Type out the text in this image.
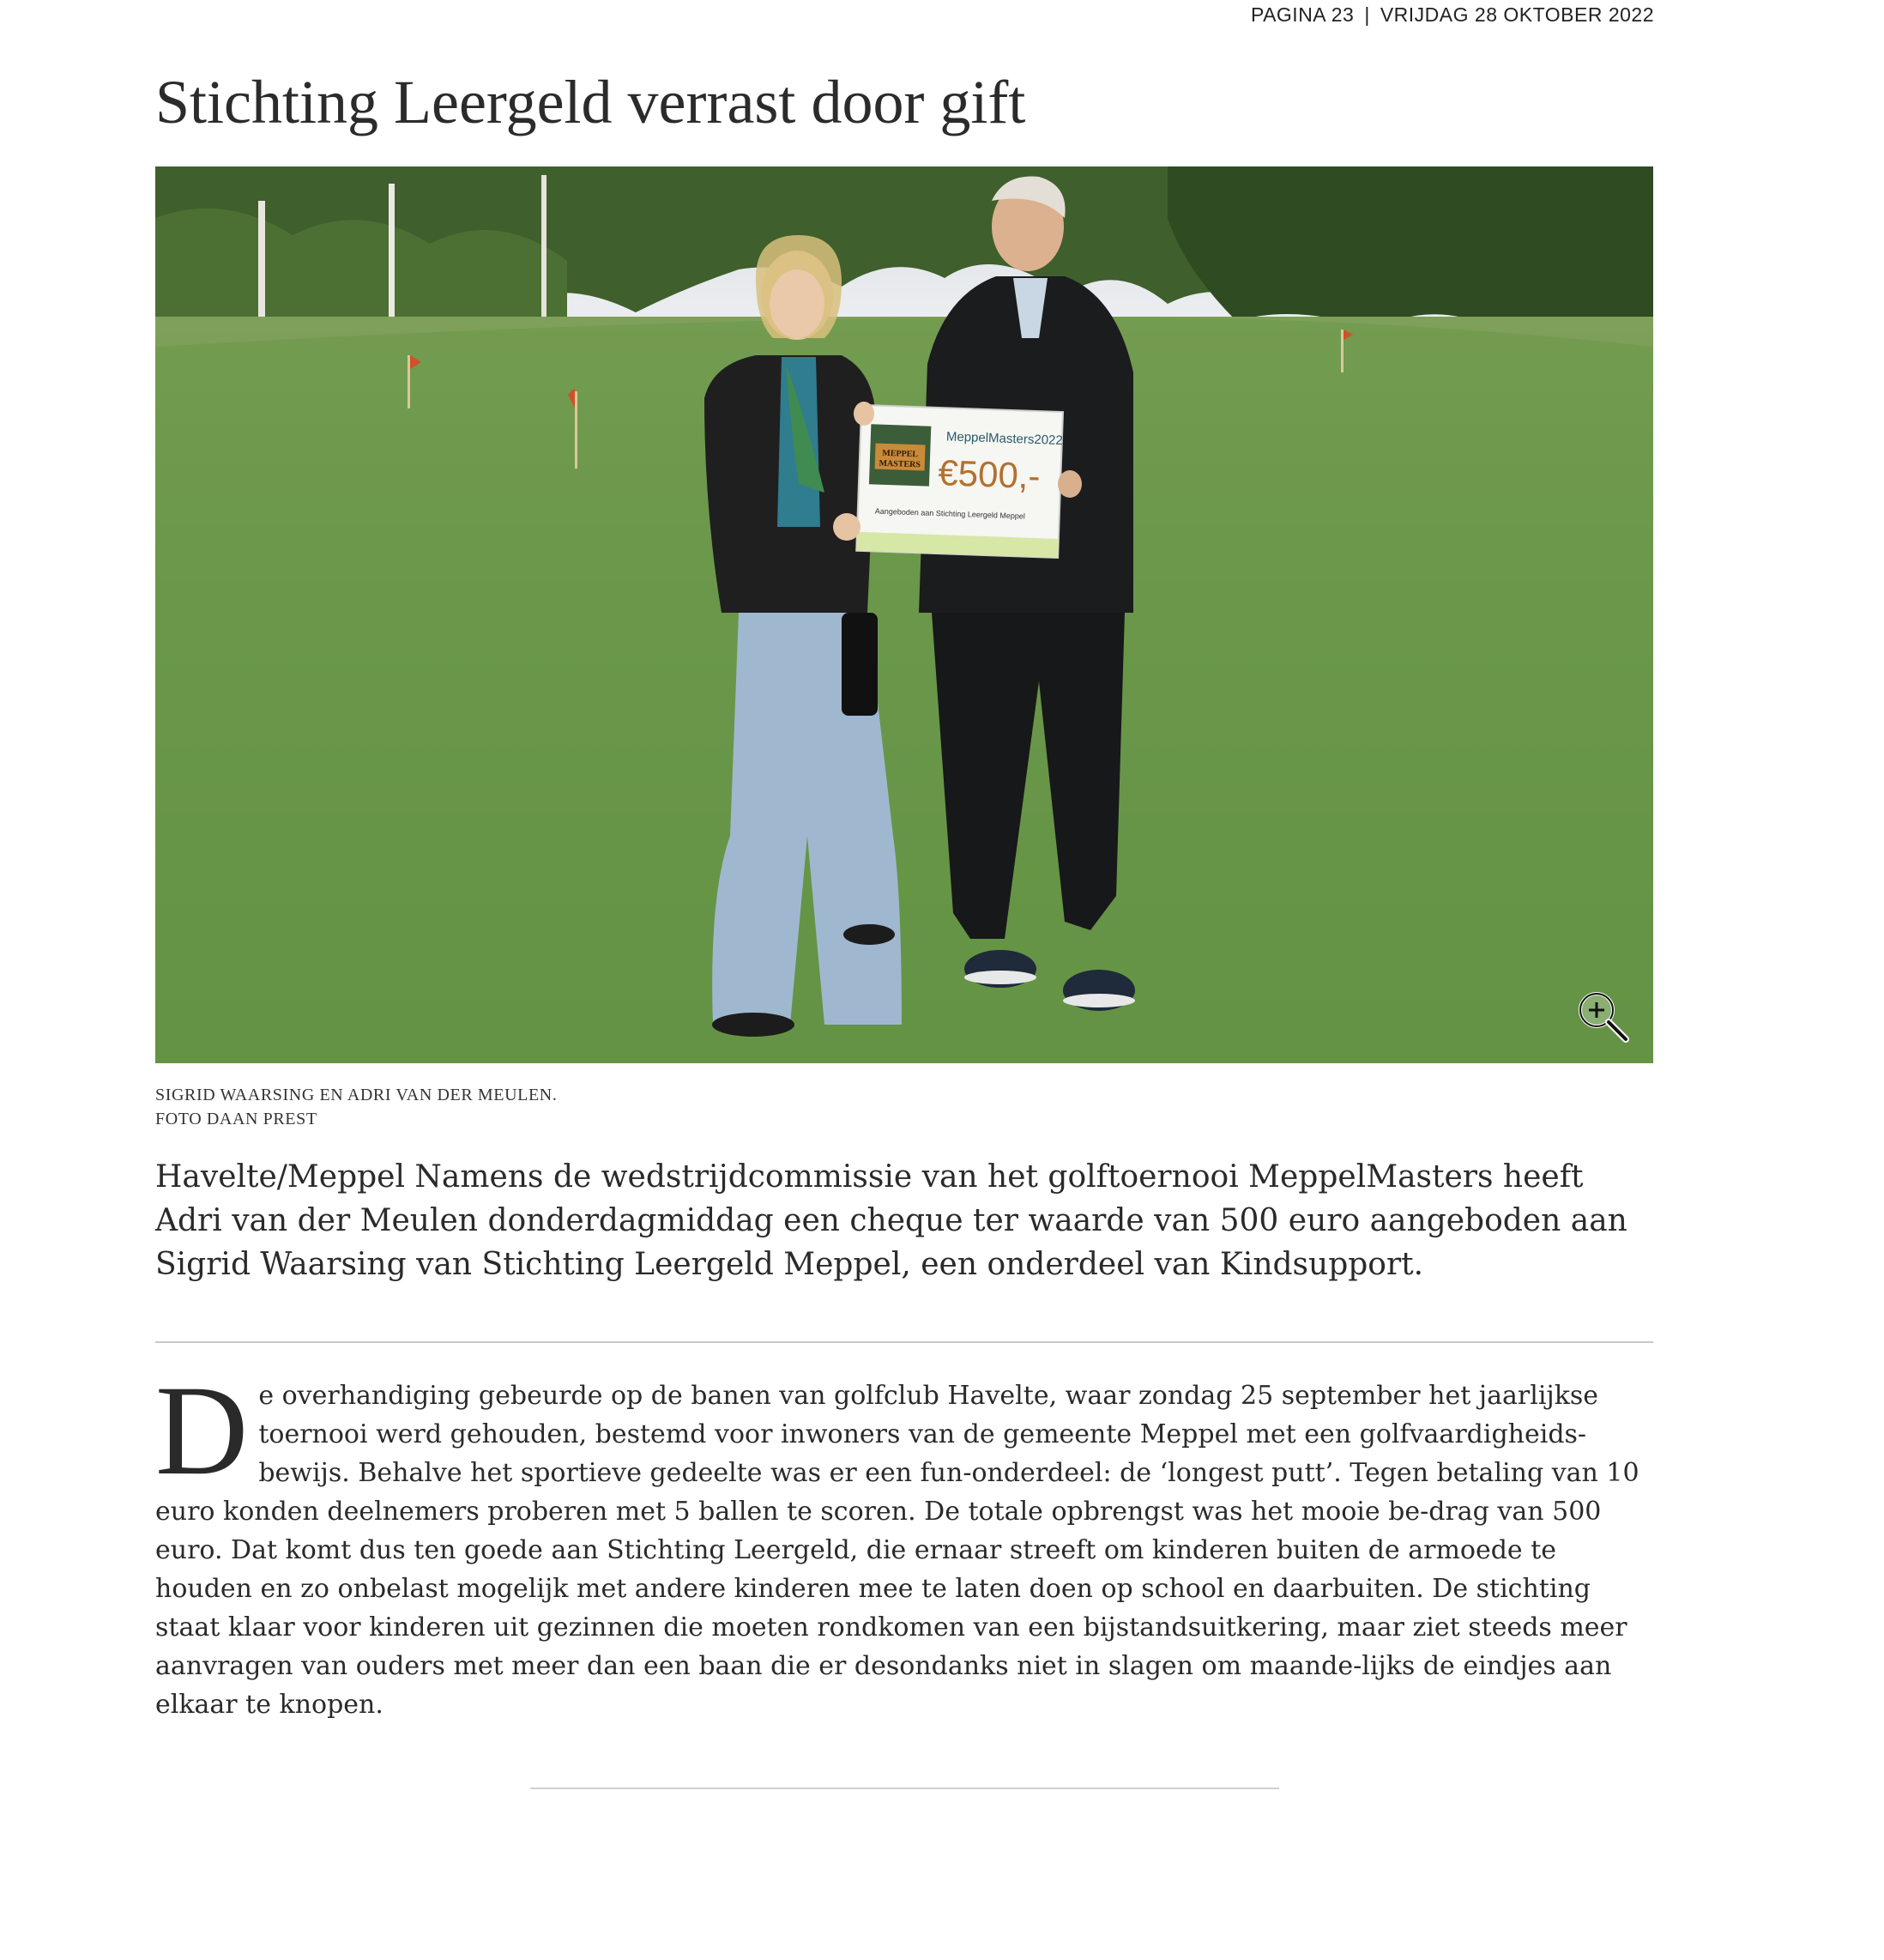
PAGINA 23 | VRIJDAG 28 OKTOBER 2022
Stichting Leergeld verrast door gift
MEPPEL
MASTERS
MeppelMasters2022
€500,-
Aangeboden aan Stichting Leergeld Meppel
SIGRID WAARSING EN ADRI VAN DER MEULEN.
FOTO DAAN PREST

Havelte/Meppel Namens de wedstrijdcommissie van het golftoernooi MeppelMasters heeft Adri van der Meulen donderdagmiddag een cheque ter waarde van 500 euro aangeboden aan Sigrid Waarsing van Stichting Leergeld Meppel, een onderdeel van Kindsupport.

De overhandiging gebeurde op de banen van golfclub Havelte, waar zondag 25 september het jaarlijkse toernooi werd gehouden, bestemd voor inwoners van de gemeente Meppel met een golfvaardigheids-bewijs. Behalve het sportieve gedeelte was er een fun-onderdeel: de ‘longest putt’. Tegen betaling van 10 euro konden deelnemers proberen met 5 ballen te scoren. De totale opbrengst was het mooie be-drag van 500 euro. Dat komt dus ten goede aan Stichting Leergeld, die ernaar streeft om kinderen buiten de armoede te houden en zo onbelast mogelijk met andere kinderen mee te laten doen op school en daarbuiten. De stichting staat klaar voor kinderen uit gezinnen die moeten rondkomen van een bijstandsuitkering, maar ziet steeds meer aanvragen van ouders met meer dan een baan die er desondanks niet in slagen om maande-lijks de eindjes aan elkaar te knopen.
